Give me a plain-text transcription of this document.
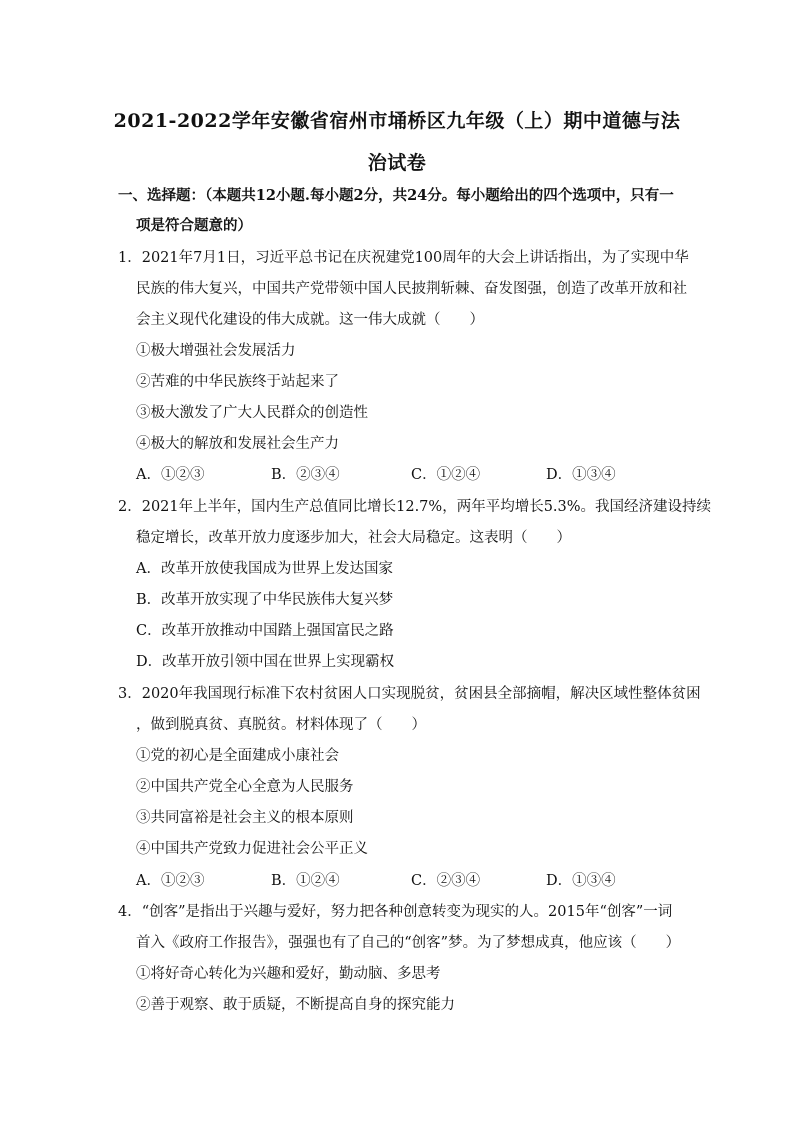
2021-2022学年安徽省宿州市埇桥区九年级（上）期中道德与法
治试卷
一、选择题：（本题共12小题.每小题2分，共24分。每小题给出的四个选项中，只有一
项是符合题意的）
1．2021年7月1日，习近平总书记在庆祝建党100周年的大会上讲话指出，为了实现中华
民族的伟大复兴，中国共产党带领中国人民披荆斩棘、奋发图强，创造了改革开放和社
会主义现代化建设的伟大成就。这一伟大成就（　　）
①极大增强社会发展活力
②苦难的中华民族终于站起来了
③极大激发了广大人民群众的创造性
④极大的解放和发展社会生产力
A．①②③	B．②③④	C．①②④	D．①③④
2．2021年上半年，国内生产总值同比增长12.7%，两年平均增长5.3%。我国经济建设持续
稳定增长，改革开放力度逐步加大，社会大局稳定。这表明（　　）
A．改革开放使我国成为世界上发达国家
B．改革开放实现了中华民族伟大复兴梦
C．改革开放推动中国踏上强国富民之路
D．改革开放引领中国在世界上实现霸权
3．2020年我国现行标准下农村贫困人口实现脱贫，贫困县全部摘帽，解决区域性整体贫困
，做到脱真贫、真脱贫。材料体现了（　　）
①党的初心是全面建成小康社会
②中国共产党全心全意为人民服务
③共同富裕是社会主义的根本原则
④中国共产党致力促进社会公平正义
A．①②③	B．①②④	C．②③④	D．①③④
4．“创客”是指出于兴趣与爱好，努力把各种创意转变为现实的人。2015年“创客”一词
首入《政府工作报告》，强强也有了自己的“创客”梦。为了梦想成真，他应该（　　）
①将好奇心转化为兴趣和爱好，勤动脑、多思考
②善于观察、敢于质疑，不断提高自身的探究能力
